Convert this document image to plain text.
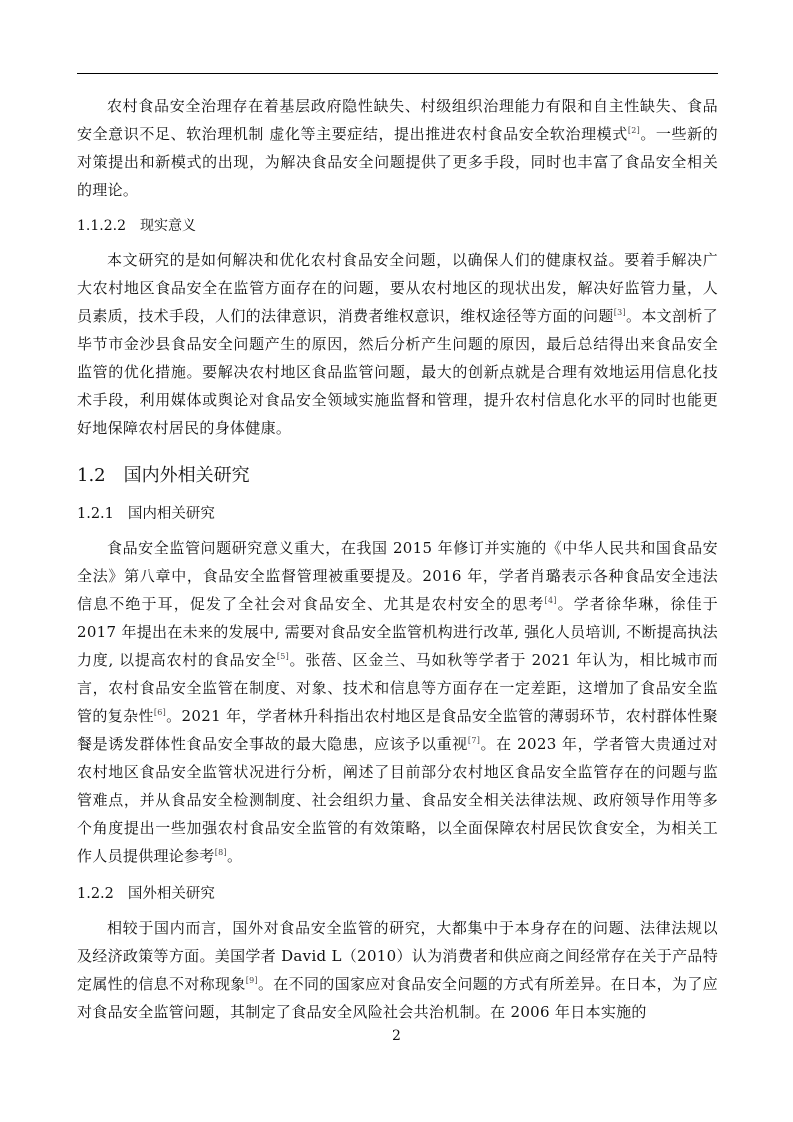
农村食品安全治理存在着基层政府隐性缺失、村级组织治理能力有限和自主性缺失、食品安全意识不足、软治理机制 虚化等主要症结，提出推进农村食品安全软治理模式[2]。一些新的对策提出和新模式的出现，为解决食品安全问题提供了更多手段，同时也丰富了食品安全相关的理论。

1.1.2.2 现实意义

本文研究的是如何解决和优化农村食品安全问题，以确保人们的健康权益。要着手解决广大农村地区食品安全在监管方面存在的问题，要从农村地区的现状出发，解决好监管力量，人员素质，技术手段，人们的法律意识，消费者维权意识，维权途径等方面的问题[3]。本文剖析了毕节市金沙县食品安全问题产生的原因，然后分析产生问题的原因，最后总结得出来食品安全监管的优化措施。要解决农村地区食品监管问题，最大的创新点就是合理有效地运用信息化技术手段，利用媒体或舆论对食品安全领域实施监督和管理，提升农村信息化水平的同时也能更好地保障农村居民的身体健康。

1.2 国内外相关研究
1.2.1 国内相关研究

食品安全监管问题研究意义重大，在我国 2015 年修订并实施的《中华人民共和国食品安全法》第八章中，食品安全监督管理被重要提及。2016 年，学者肖璐表示各种食品安全违法信息不绝于耳，促发了全社会对食品安全、尤其是农村安全的思考[4]。学者徐华琳，徐佳于 2017 年提出在未来的发展中, 需要对食品安全监管机构进行改革, 强化人员培训, 不断提高执法力度, 以提高农村的食品安全[5]。张蓓、区金兰、马如秋等学者于 2021 年认为，相比城市而言，农村食品安全监管在制度、对象、技术和信息等方面存在一定差距，这增加了食品安全监管的复杂性[6]。2021 年，学者林升科指出农村地区是食品安全监管的薄弱环节，农村群体性聚餐是诱发群体性食品安全事故的最大隐患，应该予以重视[7]。在 2023 年，学者管大贵通过对农村地区食品安全监管状况进行分析，阐述了目前部分农村地区食品安全监管存在的问题与监管难点，并从食品安全检测制度、社会组织力量、食品安全相关法律法规、政府领导作用等多个角度提出一些加强农村食品安全监管的有效策略，以全面保障农村居民饮食安全，为相关工作人员提供理论参考[8]。

1.2.2 国外相关研究

相较于国内而言，国外对食品安全监管的研究，大都集中于本身存在的问题、法律法规以及经济政策等方面。美国学者 David L（2010）认为消费者和供应商之间经常存在关于产品特定属性的信息不对称现象[9]。在不同的国家应对食品安全问题的方式有所差异。在日本，为了应对食品安全监管问题，其制定了食品安全风险社会共治机制。在 2006 年日本实施的

2
